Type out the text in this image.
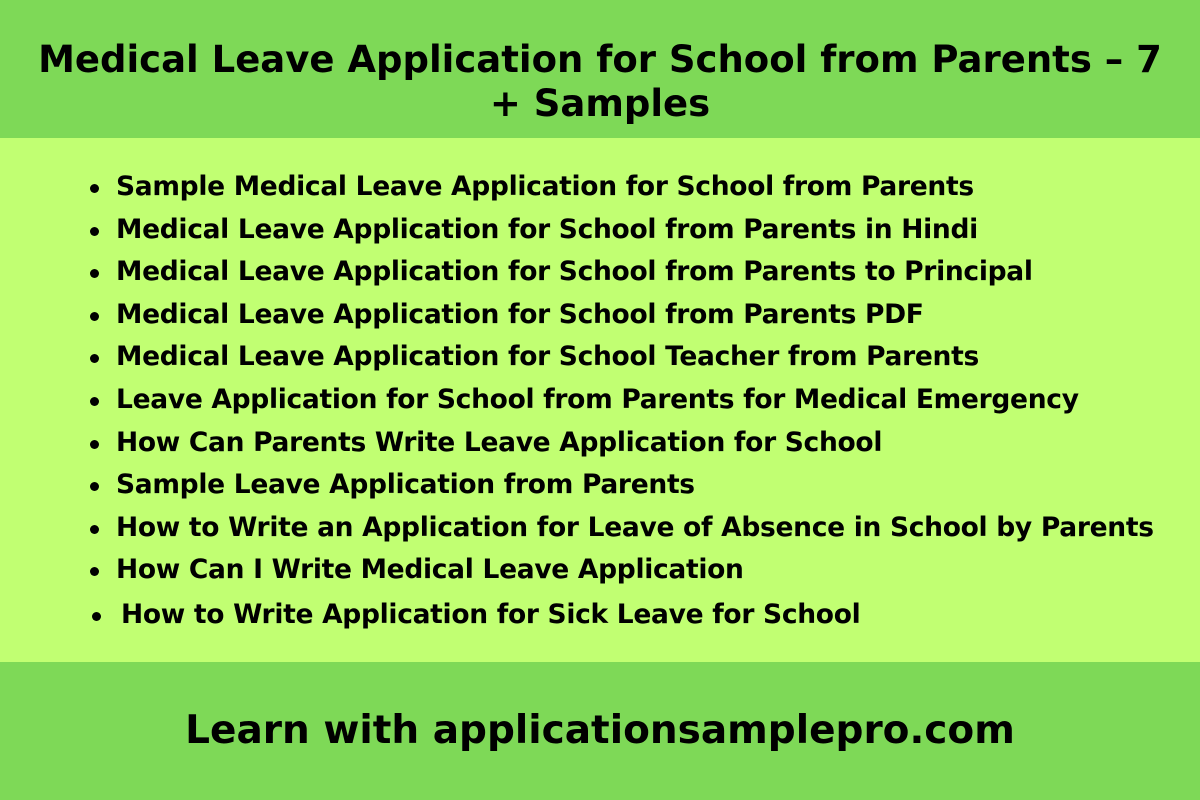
Medical Leave Application for School from Parents – 7 + Samples
Sample Medical Leave Application for School from Parents
Medical Leave Application for School from Parents in Hindi
Medical Leave Application for School from Parents to Principal
Medical Leave Application for School from Parents PDF
Medical Leave Application for School Teacher from Parents
Leave Application for School from Parents for Medical Emergency
How Can Parents Write Leave Application for School
Sample Leave Application from Parents
How to Write an Application for Leave of Absence in School by Parents
How Can I Write Medical Leave Application
How to Write Application for Sick Leave for School
Learn with applicationsamplepro.com
